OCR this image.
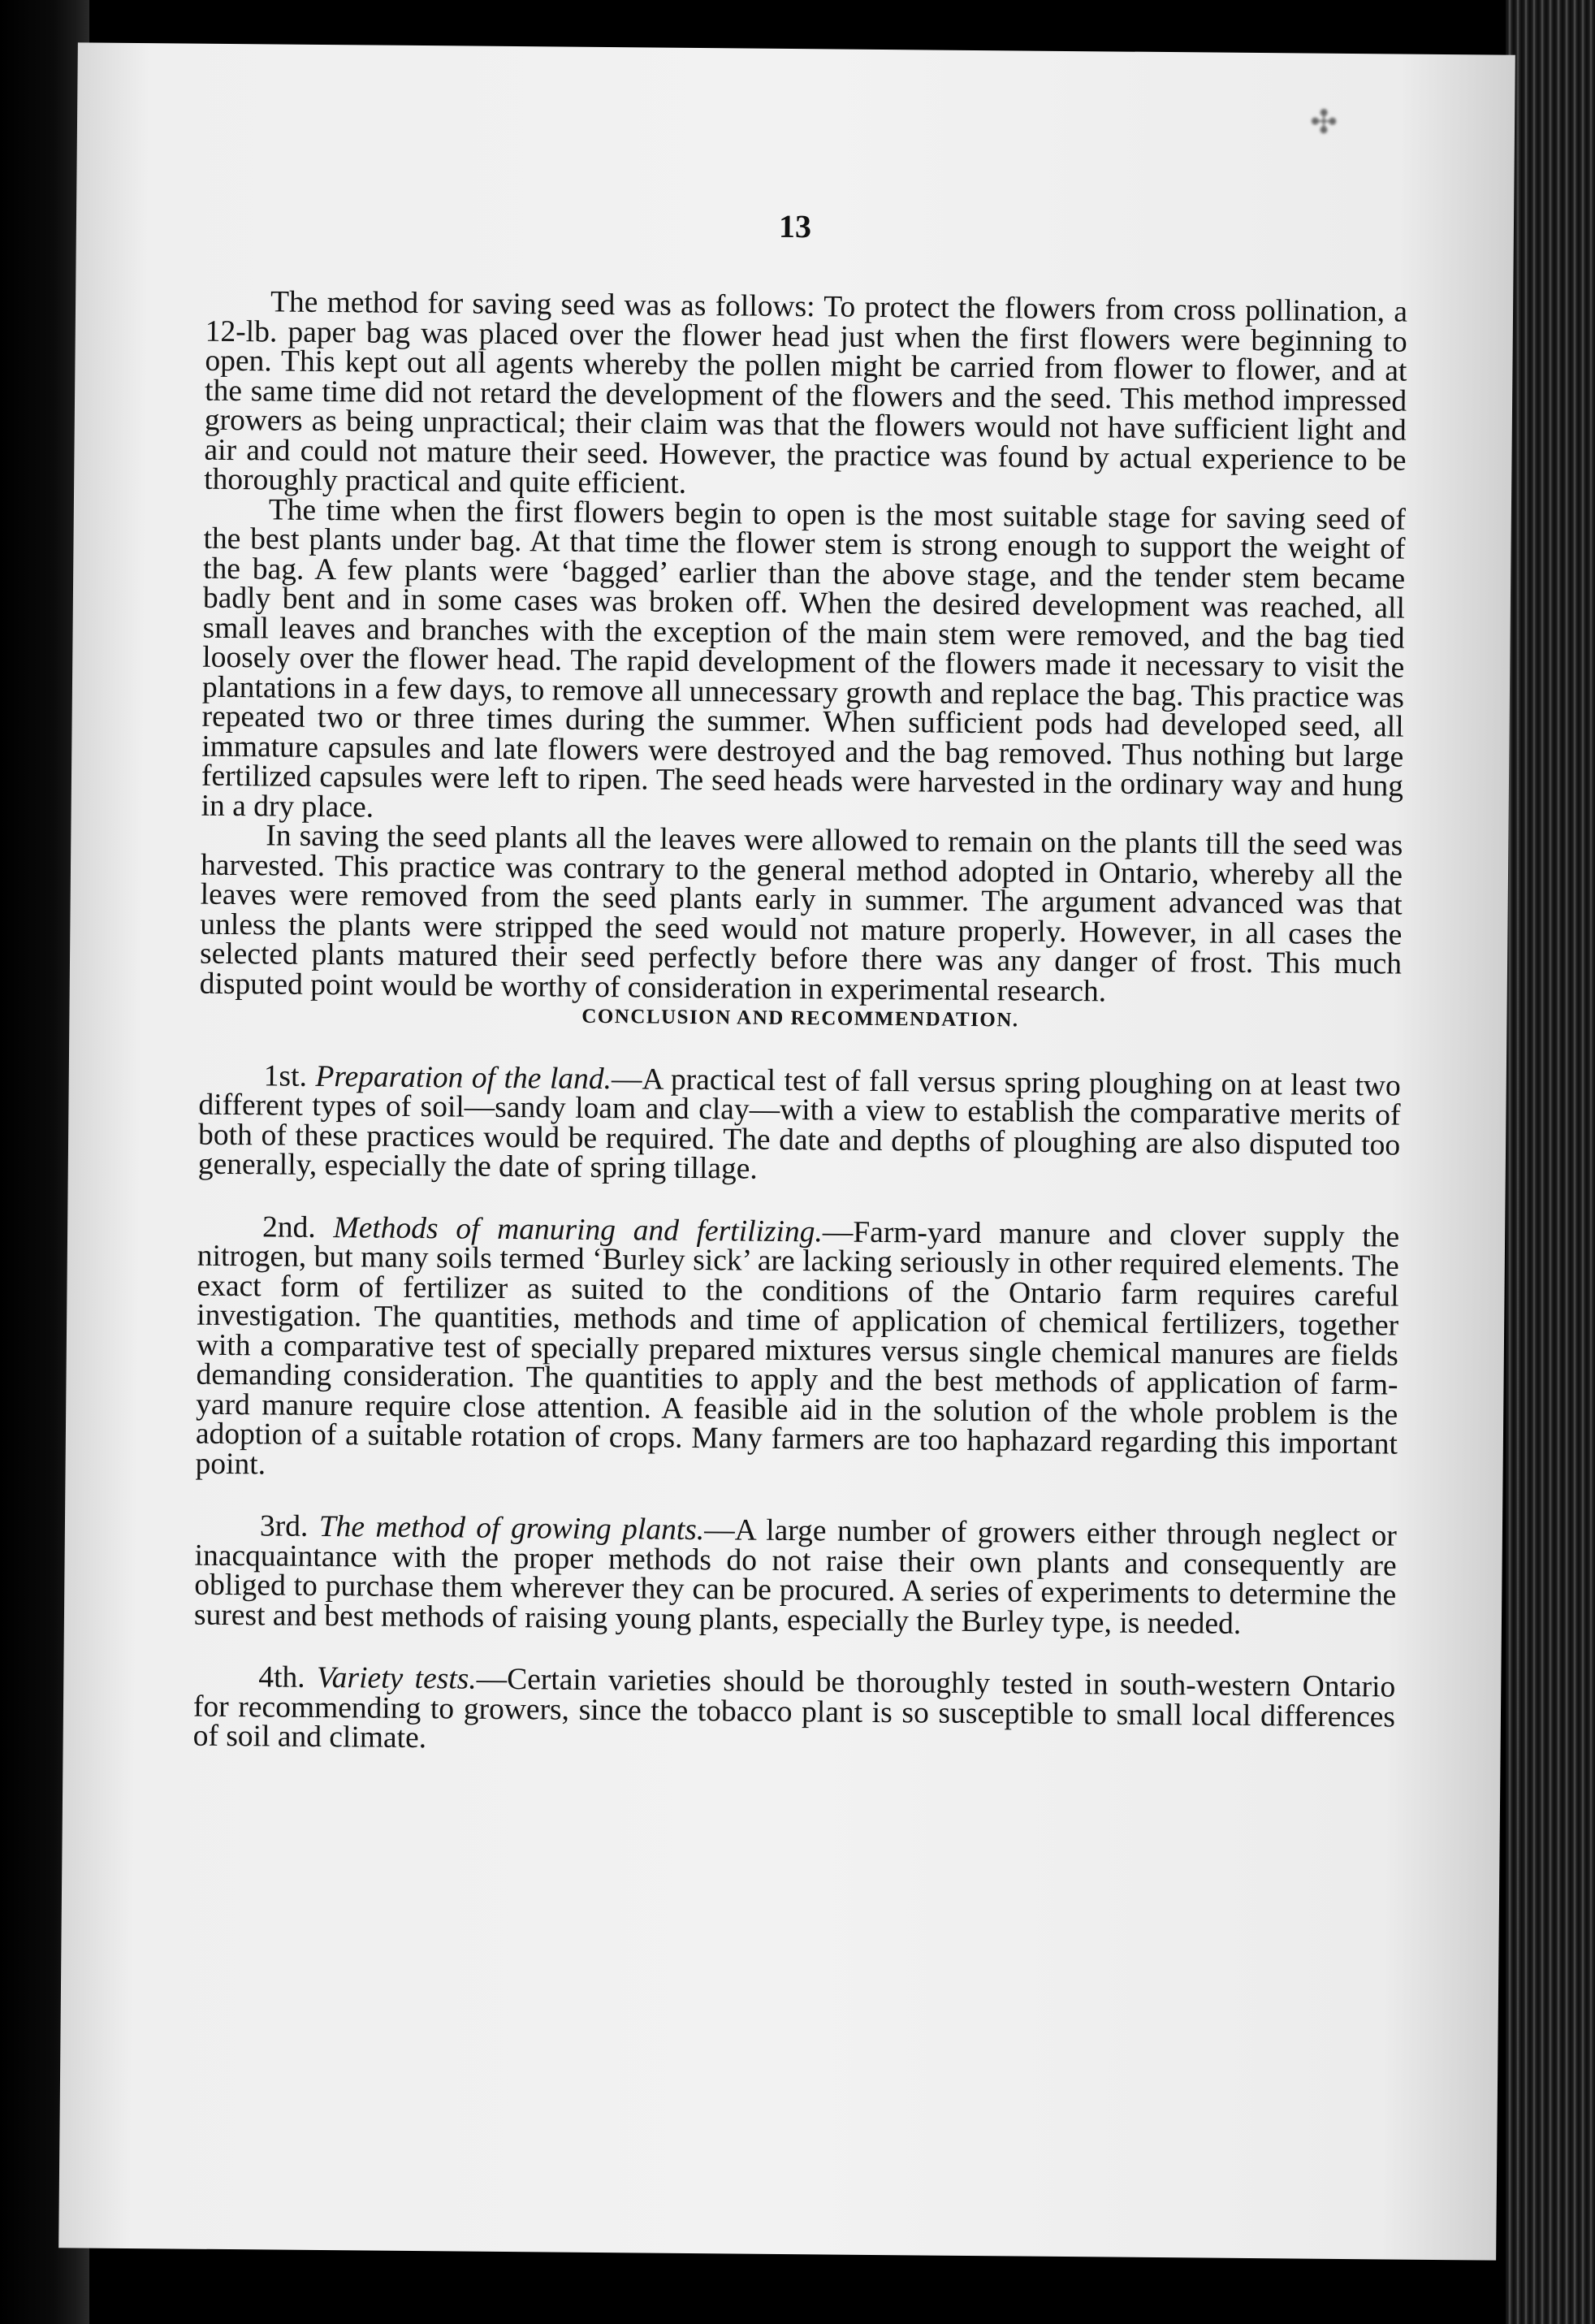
✣
13

The method for saving seed was as follows: To protect the flowers from cross pollination, a 12-lb. paper bag was placed over the flower head just when the first flowers were beginning to open. This kept out all agents whereby the pollen might be carried from flower to flower, and at the same time did not retard the development of the flowers and the seed. This method impressed growers as being unpractical; their claim was that the flowers would not have sufficient light and air and could not mature their seed. However, the practice was found by actual experience to be thoroughly practical and quite efficient.

The time when the first flowers begin to open is the most suitable stage for saving seed of the best plants under bag. At that time the flower stem is strong enough to support the weight of the bag. A few plants were ‘bagged’ earlier than the above stage, and the tender stem became badly bent and in some cases was broken off. When the desired development was reached, all small leaves and branches with the exception of the main stem were removed, and the bag tied loosely over the flower head. The rapid development of the flowers made it necessary to visit the plantations in a few days, to remove all unnecessary growth and replace the bag. This practice was repeated two or three times during the summer. When sufficient pods had developed seed, all immature capsules and late flowers were destroyed and the bag removed. Thus nothing but large fertilized capsules were left to ripen. The seed heads were harvested in the ordinary way and hung in a dry place.

In saving the seed plants all the leaves were allowed to remain on the plants till the seed was harvested. This practice was contrary to the general method adopted in Ontario, whereby all the leaves were removed from the seed plants early in summer. The argument advanced was that unless the plants were stripped the seed would not mature properly. However, in all cases the selected plants matured their seed perfectly before there was any danger of frost. This much disputed point would be worthy of consideration in experimental research.

CONCLUSION AND RECOMMENDATION.

1st. Preparation of the land.—A practical test of fall versus spring ploughing on at least two different types of soil—sandy loam and clay—with a view to establish the comparative merits of both of these practices would be required. The date and depths of ploughing are also disputed too generally, especially the date of spring tillage.

2nd. Methods of manuring and fertilizing.—Farm-yard manure and clover supply the nitrogen, but many soils termed ‘Burley sick’ are lacking seriously in other required elements. The exact form of fertilizer as suited to the conditions of the Ontario farm requires careful investigation. The quantities, methods and time of application of chemical fertilizers, together with a comparative test of specially prepared mixtures versus single chemical manures are fields demanding consideration. The quantities to apply and the best methods of application of farm-yard manure require close attention. A feasible aid in the solution of the whole problem is the adoption of a suitable rotation of crops. Many farmers are too haphazard regarding this important point.

3rd. The method of growing plants.—A large number of growers either through neglect or inacquaintance with the proper methods do not raise their own plants and consequently are obliged to purchase them wherever they can be procured. A series of experiments to determine the surest and best methods of raising young plants, especially the Burley type, is needed.

4th. Variety tests.—Certain varieties should be thoroughly tested in south-western Ontario for recommending to growers, since the tobacco plant is so susceptible to small local differences of soil and climate.
